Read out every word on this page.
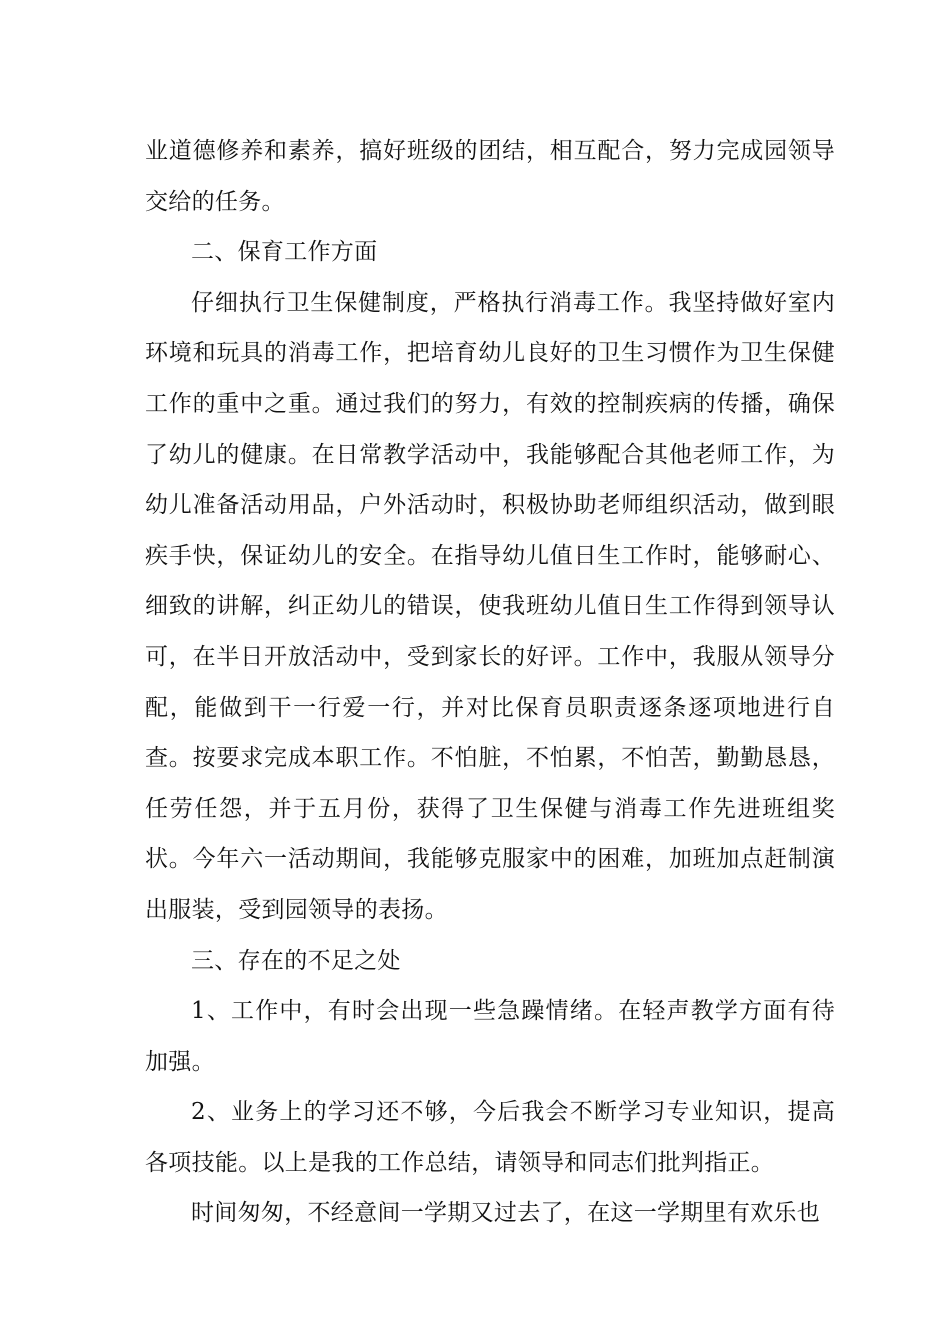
业道德修养和素养，搞好班级的团结，相互配合，努力完成园领导交给的任务。

二、保育工作方面

仔细执行卫生保健制度，严格执行消毒工作。我坚持做好室内环境和玩具的消毒工作，把培育幼儿良好的卫生习惯作为卫生保健工作的重中之重。通过我们的努力，有效的控制疾病的传播，确保了幼儿的健康。在日常教学活动中，我能够配合其他老师工作，为幼儿准备活动用品，户外活动时，积极协助老师组织活动，做到眼疾手快，保证幼儿的安全。在指导幼儿值日生工作时，能够耐心、细致的讲解，纠正幼儿的错误，使我班幼儿值日生工作得到领导认可，在半日开放活动中，受到家长的好评。工作中，我服从领导分配，能做到干一行爱一行，并对比保育员职责逐条逐项地进行自查。按要求完成本职工作。不怕脏，不怕累，不怕苦，勤勤恳恳，任劳任怨，并于五月份，获得了卫生保健与消毒工作先进班组奖状。今年六一活动期间，我能够克服家中的困难，加班加点赶制演出服装，受到园领导的表扬。

三、存在的不足之处

1、工作中，有时会出现一些急躁情绪。在轻声教学方面有待加强。

2、业务上的学习还不够，今后我会不断学习专业知识，提高各项技能。以上是我的工作总结，请领导和同志们批判指正。

时间匆匆，不经意间一学期又过去了，在这一学期里有欢乐也
